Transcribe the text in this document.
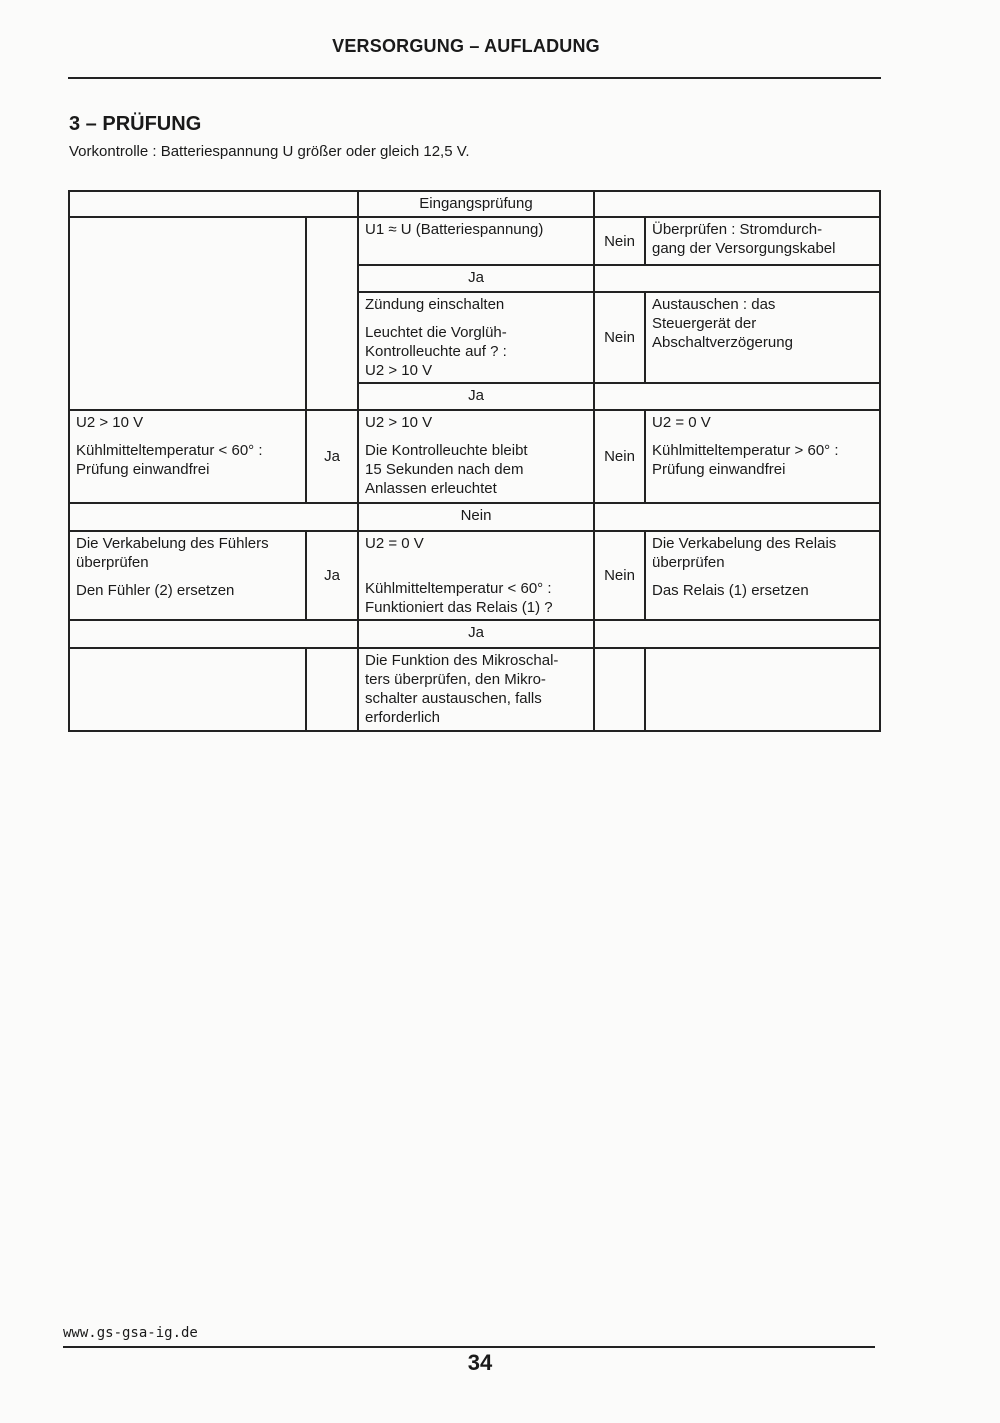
VERSORGUNG – AUFLADUNG
3 – PRÜFUNG
Vorkontrolle : Batteriespannung U größer oder gleich 12,5 V.
Eingangsprüfung
U1 ≈ U (Batteriespannung)
Nein
Überprüfen : Stromdurch-
gang der Versorgungskabel
Ja
Zündung einschalten
Leuchtet die Vorglüh-
Kontrolleuchte auf ? :
U2 > 10 V
Nein
Austauschen : das
Steuergerät der
Abschaltverzögerung
Ja
U2 > 10 V
Kühlmitteltemperatur < 60° :
Prüfung einwandfrei
Ja
U2 > 10 V
Die Kontrolleuchte bleibt
15 Sekunden nach dem
Anlassen erleuchtet
Nein
U2 = 0 V
Kühlmitteltemperatur > 60° :
Prüfung einwandfrei
Nein
Die Verkabelung des Fühlers
überprüfen
Den Fühler (2) ersetzen
Ja
U2 = 0 V
Kühlmitteltemperatur < 60° :
Funktioniert das Relais (1) ?
Nein
Die Verkabelung des Relais
überprüfen
Das Relais (1) ersetzen
Ja
Die Funktion des Mikroschal-
ters überprüfen, den Mikro-
schalter austauschen, falls
erforderlich
www.gs-gsa-ig.de
34
